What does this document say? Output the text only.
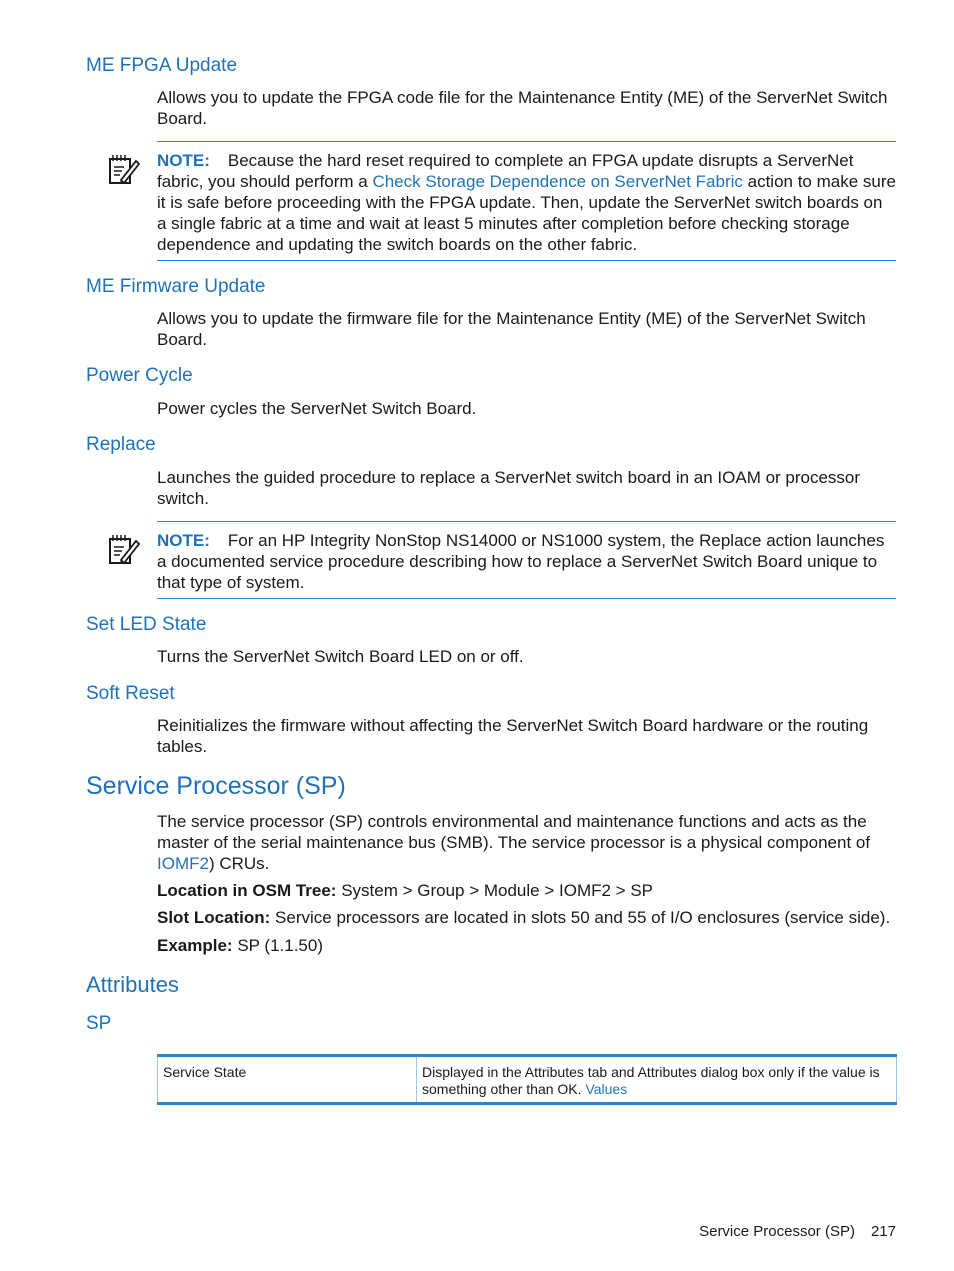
ME FPGA Update
Allows you to update the FPGA code file for the Maintenance Entity (ME) of the ServerNet Switch Board.
NOTE: Because the hard reset required to complete an FPGA update disrupts a ServerNet fabric, you should perform a Check Storage Dependence on ServerNet Fabric action to make sure it is safe before proceeding with the FPGA update. Then, update the ServerNet switch boards on a single fabric at a time and wait at least 5 minutes after completion before checking storage dependence and updating the switch boards on the other fabric.
ME Firmware Update
Allows you to update the firmware file for the Maintenance Entity (ME) of the ServerNet Switch Board.
Power Cycle
Power cycles the ServerNet Switch Board.
Replace
Launches the guided procedure to replace a ServerNet switch board in an IOAM or processor switch.
NOTE: For an HP Integrity NonStop NS14000 or NS1000 system, the Replace action launches a documented service procedure describing how to replace a ServerNet Switch Board unique to that type of system.
Set LED State
Turns the ServerNet Switch Board LED on or off.
Soft Reset
Reinitializes the firmware without affecting the ServerNet Switch Board hardware or the routing tables.
Service Processor (SP)
The service processor (SP) controls environmental and maintenance functions and acts as the master of the serial maintenance bus (SMB). The service processor is a physical component of IOMF2) CRUs.
Location in OSM Tree: System > Group > Module > IOMF2 > SP
Slot Location: Service processors are located in slots 50 and 55 of I/O enclosures (service side).
Example: SP (1.1.50)
Attributes
SP
Service State	Displayed in the Attributes tab and Attributes dialog box only if the value is something other than OK. Values
Service Processor (SP) 217
